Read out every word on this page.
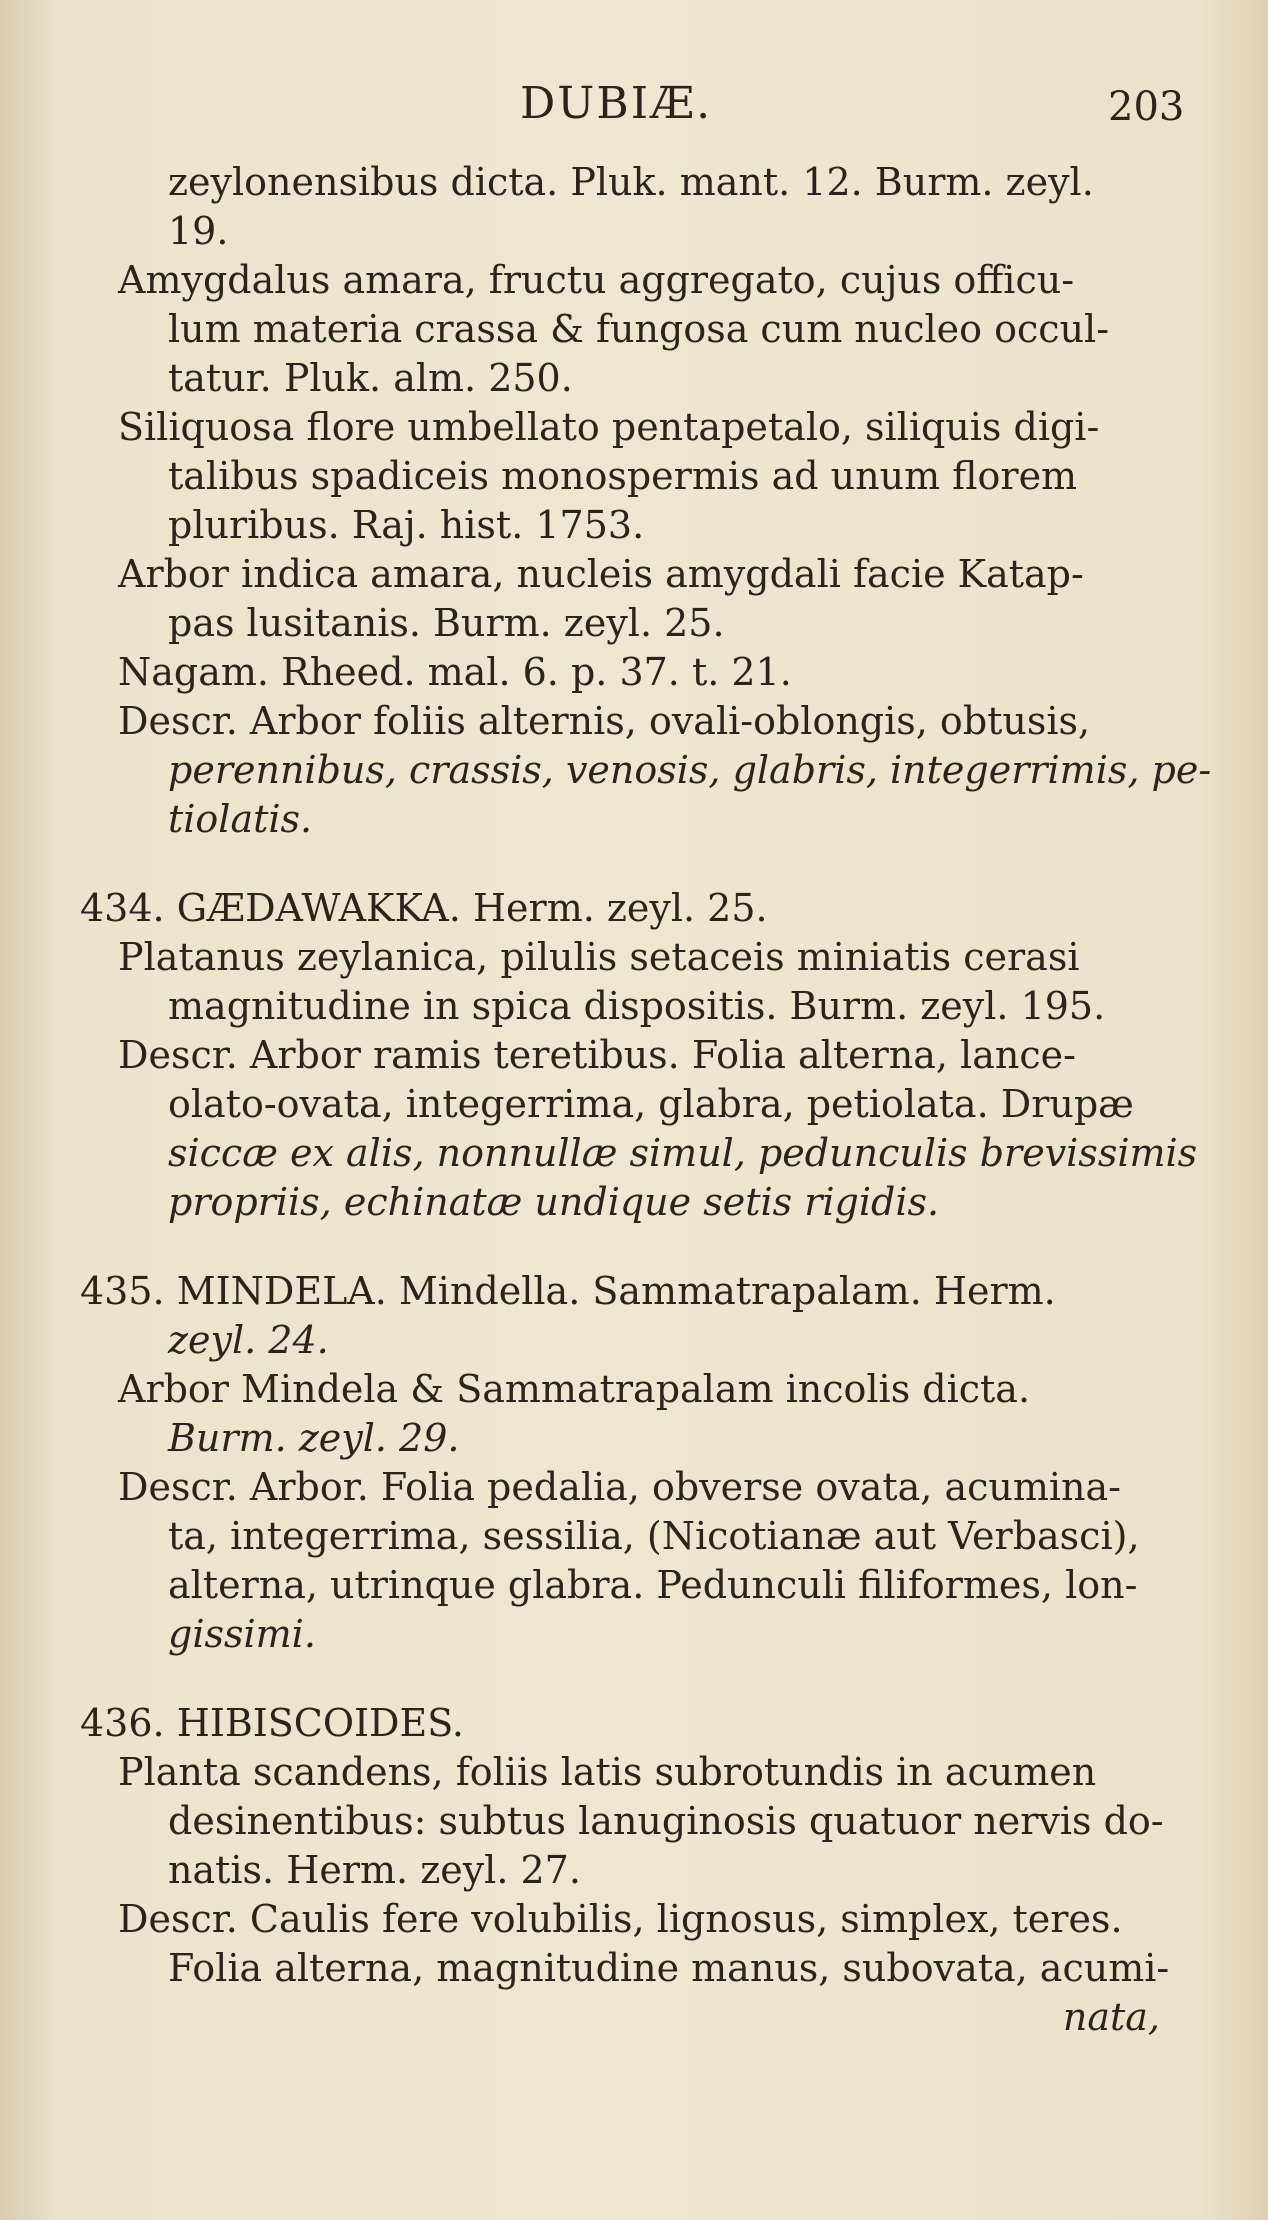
DUBIÆ.	203
zeylonensibus dicta. Pluk. mant. 12. Burm. zeyl.
19.
Amygdalus amara, fructu aggregato, cujus officu-
lum materia crassa & fungosa cum nucleo occul-
tatur. Pluk. alm. 250.
Siliquosa flore umbellato pentapetalo, siliquis digi-
talibus spadiceis monospermis ad unum florem
pluribus. Raj. hist. 1753.
Arbor indica amara, nucleis amygdali facie Katap-
pas lusitanis. Burm. zeyl. 25.
Nagam. Rheed. mal. 6. p. 37. t. 21.
Descr. Arbor foliis alternis, ovali-oblongis, obtusis,
perennibus, crassis, venosis, glabris, integerrimis, pe-
tiolatis.
434. GÆDAWAKKA. Herm. zeyl. 25.
Platanus zeylanica, pilulis setaceis miniatis cerasi
magnitudine in spica dispositis. Burm. zeyl. 195.
Descr. Arbor ramis teretibus. Folia alterna, lance-
olato-ovata, integerrima, glabra, petiolata. Drupæ
siccæ ex alis, nonnullæ simul, pedunculis brevissimis
propriis, echinatæ undique setis rigidis.
435. MINDELA. Mindella. Sammatrapalam. Herm.
zeyl. 24.
Arbor Mindela & Sammatrapalam incolis dicta.
Burm. zeyl. 29.
Descr. Arbor. Folia pedalia, obverse ovata, acumina-
ta, integerrima, sessilia, (Nicotianæ aut Verbasci),
alterna, utrinque glabra. Pedunculi filiformes, lon-
gissimi.
436. HIBISCOIDES.
Planta scandens, foliis latis subrotundis in acumen
desinentibus: subtus lanuginosis quatuor nervis do-
natis. Herm. zeyl. 27.
Descr. Caulis fere volubilis, lignosus, simplex, teres.
Folia alterna, magnitudine manus, subovata, acumi-
nata,
